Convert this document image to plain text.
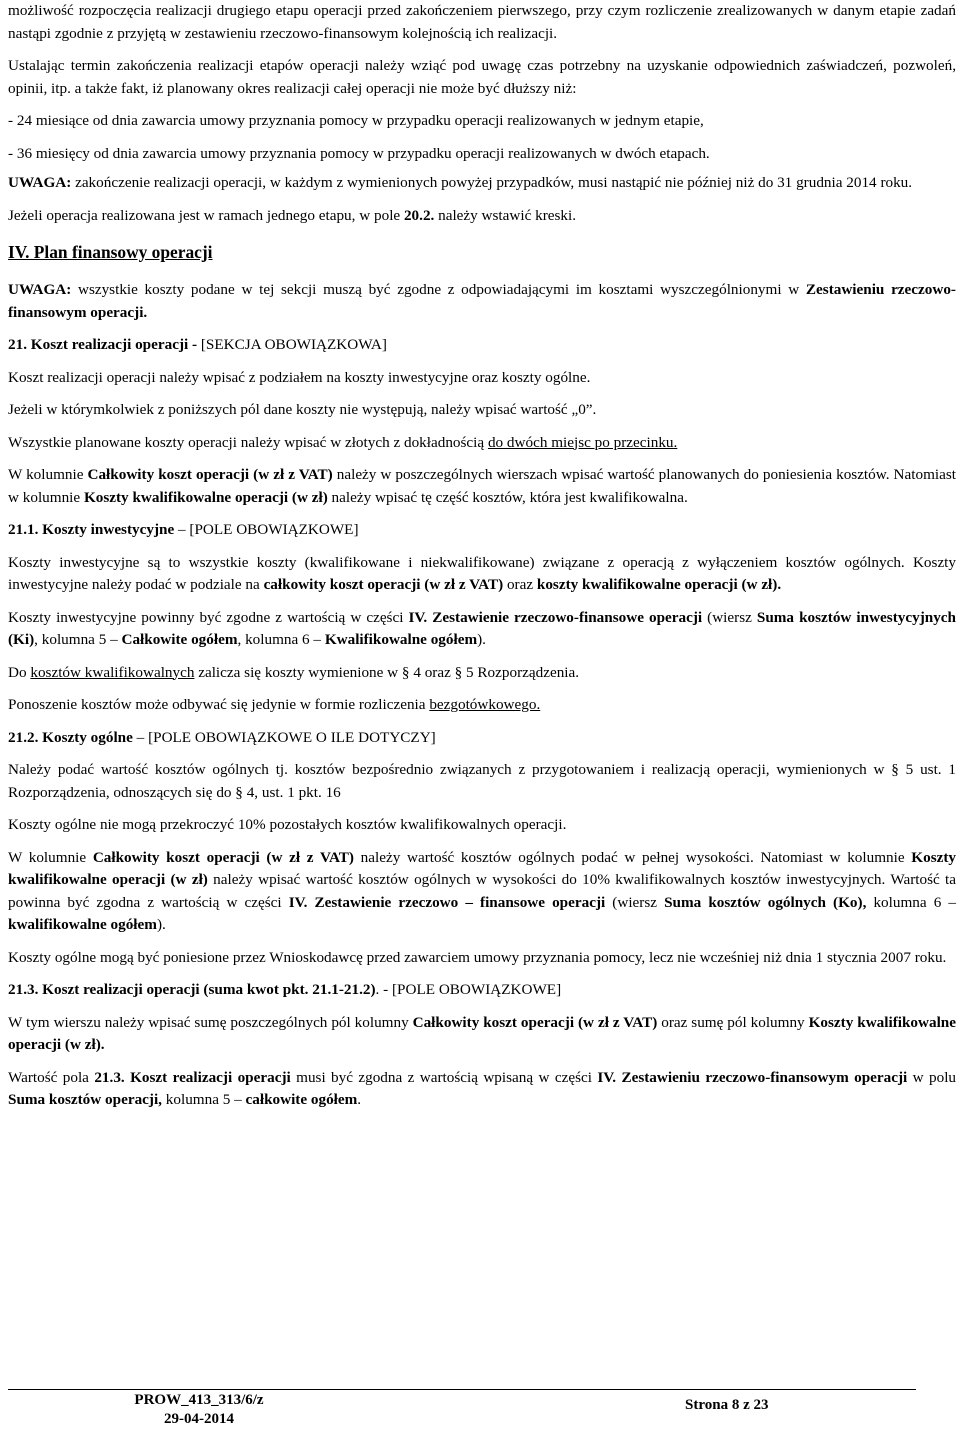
możliwość rozpoczęcia realizacji drugiego etapu operacji przed zakończeniem pierwszego, przy czym rozliczenie zrealizowanych w danym etapie zadań nastąpi zgodnie z przyjętą w zestawieniu rzeczowo-finansowym kolejnością ich realizacji.

Ustalając termin zakończenia realizacji etapów operacji należy wziąć pod uwagę czas potrzebny na uzyskanie odpowiednich zaświadczeń, pozwoleń, opinii, itp. a także fakt, iż planowany okres realizacji całej operacji nie może być dłuższy niż:

- 24 miesiące od dnia zawarcia umowy przyznania pomocy w przypadku operacji realizowanych w jednym etapie,

- 36 miesięcy od dnia zawarcia umowy przyznania pomocy w przypadku operacji realizowanych w dwóch etapach.

UWAGA: zakończenie realizacji operacji, w każdym z wymienionych powyżej przypadków, musi nastąpić nie później niż do 31 grudnia 2014 roku.

Jeżeli operacja realizowana jest w ramach jednego etapu, w pole 20.2. należy wstawić kreski.

IV. Plan finansowy operacji

UWAGA: wszystkie koszty podane w tej sekcji muszą być zgodne z odpowiadającymi im kosztami wyszczególnionymi w Zestawieniu rzeczowo-finansowym operacji.

21. Koszt realizacji operacji - [SEKCJA OBOWIĄZKOWA]

Koszt realizacji operacji należy wpisać z podziałem na koszty inwestycyjne oraz koszty ogólne.

Jeżeli w którymkolwiek z poniższych pól dane koszty nie występują, należy wpisać wartość „0”.

Wszystkie planowane koszty operacji należy wpisać w złotych z dokładnością do dwóch miejsc po przecinku.

W kolumnie Całkowity koszt operacji (w zł z VAT) należy w poszczególnych wierszach wpisać wartość planowanych do poniesienia kosztów. Natomiast w kolumnie Koszty kwalifikowalne operacji (w zł) należy wpisać tę część kosztów, która jest kwalifikowalna.

21.1. Koszty inwestycyjne – [POLE OBOWIĄZKOWE]

Koszty inwestycyjne są to wszystkie koszty (kwalifikowane i niekwalifikowane) związane z operacją z wyłączeniem kosztów ogólnych. Koszty inwestycyjne należy podać w podziale na całkowity koszt operacji (w zł z VAT) oraz koszty kwalifikowalne operacji (w zł).

Koszty inwestycyjne powinny być zgodne z wartością w części IV. Zestawienie rzeczowo-finansowe operacji (wiersz Suma kosztów inwestycyjnych (Ki), kolumna 5 – Całkowite ogółem, kolumna 6 – Kwalifikowalne ogółem).

Do kosztów kwalifikowalnych zalicza się koszty wymienione w § 4 oraz § 5 Rozporządzenia.

Ponoszenie kosztów może odbywać się jedynie w formie rozliczenia bezgotówkowego.

21.2. Koszty ogólne – [POLE OBOWIĄZKOWE O ILE DOTYCZY]

Należy podać wartość kosztów ogólnych tj. kosztów bezpośrednio związanych z przygotowaniem i realizacją operacji, wymienionych w § 5 ust. 1 Rozporządzenia, odnoszących się do § 4, ust. 1 pkt. 16

Koszty ogólne nie mogą przekroczyć 10% pozostałych kosztów kwalifikowalnych operacji.

W kolumnie Całkowity koszt operacji (w zł z VAT) należy wartość kosztów ogólnych podać w pełnej wysokości. Natomiast w kolumnie Koszty kwalifikowalne operacji (w zł) należy wpisać wartość kosztów ogólnych w wysokości do 10% kwalifikowalnych kosztów inwestycyjnych. Wartość ta powinna być zgodna z wartością w części IV. Zestawienie rzeczowo – finansowe operacji (wiersz Suma kosztów ogólnych (Ko), kolumna 6 – kwalifikowalne ogółem).

Koszty ogólne mogą być poniesione przez Wnioskodawcę przed zawarciem umowy przyznania pomocy, lecz nie wcześniej niż dnia 1 stycznia 2007 roku.

21.3. Koszt realizacji operacji (suma kwot pkt. 21.1-21.2). - [POLE OBOWIĄZKOWE]

W tym wierszu należy wpisać sumę poszczególnych pól kolumny Całkowity koszt operacji (w zł z VAT) oraz sumę pól kolumny Koszty kwalifikowalne operacji (w zł).

Wartość pola 21.3. Koszt realizacji operacji musi być zgodna z wartością wpisaną w części IV. Zestawieniu rzeczowo-finansowym operacji w polu Suma kosztów operacji, kolumna 5 – całkowite ogółem.

PROW_413_313/6/z
29-04-2014
Strona 8 z 23
